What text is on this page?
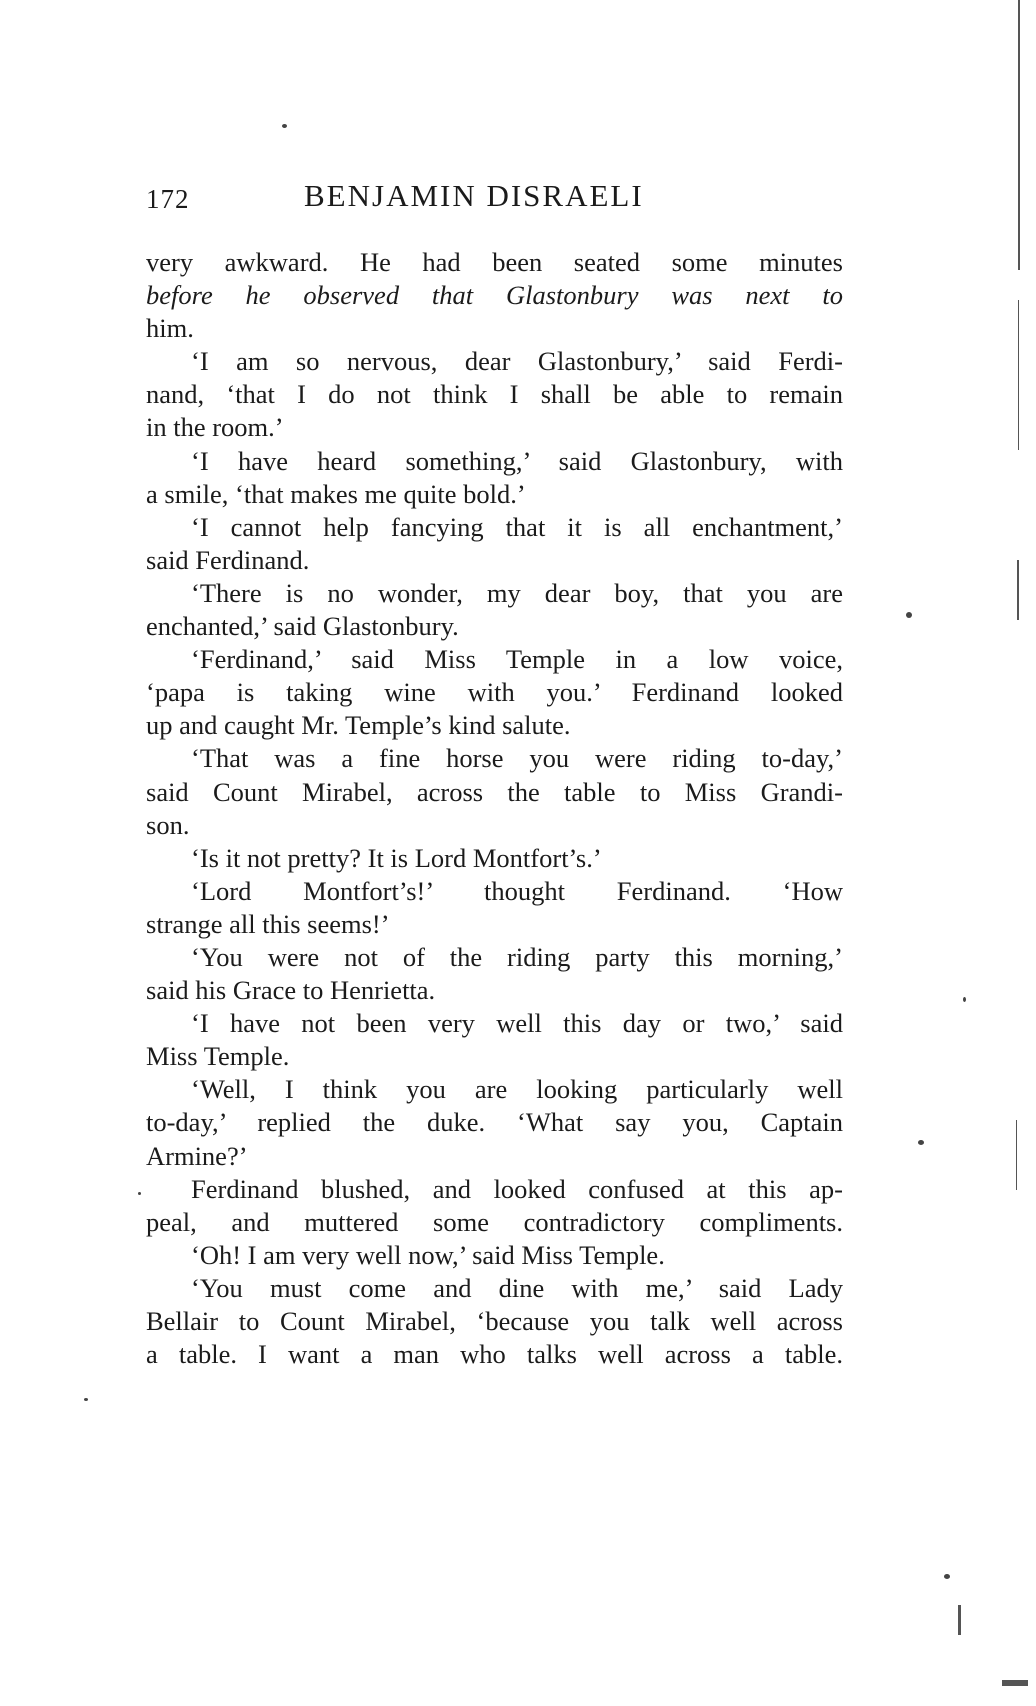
172	BENJAMIN DISRAELI
very awkward. He had been seated some minutes
before he observed that Glastonbury was next to
him.
‘I am so nervous, dear Glastonbury,’ said Ferdi-
nand, ‘that I do not think I shall be able to remain
in the room.’
‘I have heard something,’ said Glastonbury, with
a smile, ‘that makes me quite bold.’
‘I cannot help fancying that it is all enchantment,’
said Ferdinand.
‘There is no wonder, my dear boy, that you are
enchanted,’ said Glastonbury.
‘Ferdinand,’ said Miss Temple in a low voice,
‘papa is taking wine with you.’ Ferdinand looked
up and caught Mr. Temple’s kind salute.
‘That was a fine horse you were riding to-day,’
said Count Mirabel, across the table to Miss Grandi-
son.
‘Is it not pretty? It is Lord Montfort’s.’
‘Lord Montfort’s!’ thought Ferdinand. ‘How
strange all this seems!’
‘You were not of the riding party this morning,’
said his Grace to Henrietta.
‘I have not been very well this day or two,’ said
Miss Temple.
‘Well, I think you are looking particularly well
to-day,’ replied the duke. ‘What say you, Captain
Armine?’
Ferdinand blushed, and looked confused at this ap-
peal, and muttered some contradictory compliments.
‘Oh! I am very well now,’ said Miss Temple.
‘You must come and dine with me,’ said Lady
Bellair to Count Mirabel, ‘because you talk well across
a table. I want a man who talks well across a table.
